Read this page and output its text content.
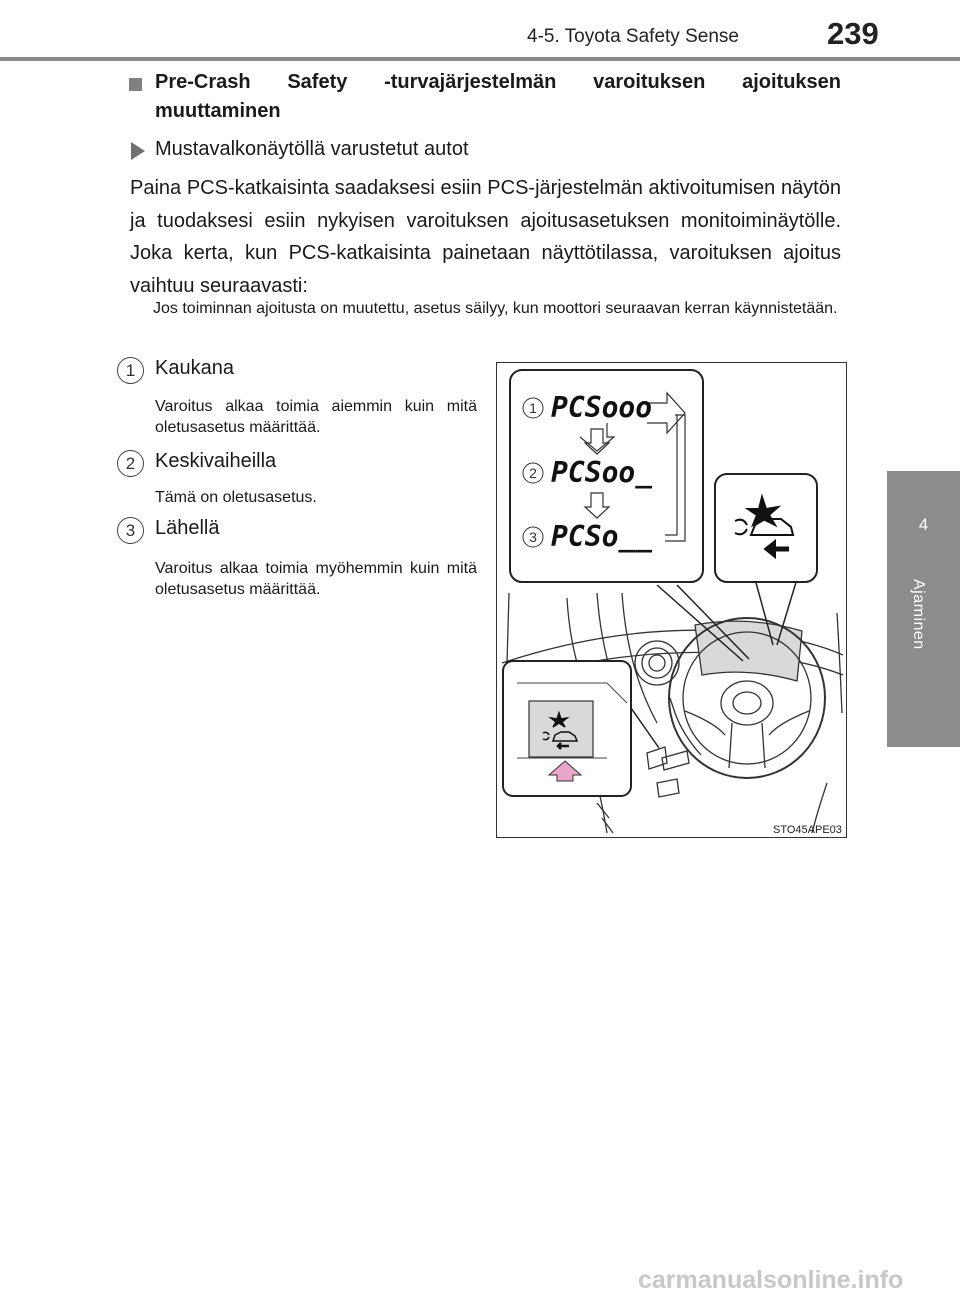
4-5. Toyota Safety Sense	239
4
Ajaminen
Pre-Crash Safety -turvajärjestelmän varoituksen ajoituksen muuttaminen
Mustavalkonäytöllä varustetut autot

Paina PCS-katkaisinta saadaksesi esiin PCS-järjestelmän aktivoitumisen näytön ja tuodaksesi esiin nykyisen varoituksen ajoitusasetuksen monitoiminäytölle. Joka kerta, kun PCS-katkaisinta painetaan näyttötilassa, varoituksen ajoitus vaihtuu seuraavasti:

Jos toiminnan ajoitusta on muutettu, asetus säilyy, kun moottori seuraavan kerran käynnistetään.

1 Kaukana

Varoitus alkaa toimia aiemmin kuin mitä oletusasetus määrittää.

2 Keskivaiheilla

Tämä on oletusasetus.

3 Lähellä

Varoitus alkaa toimia myöhemmin kuin mitä oletusasetus määrittää.

1 PCSooo
2 PCSoo_
3 PCSo__
STO45APE03
carmanualsonline.info
